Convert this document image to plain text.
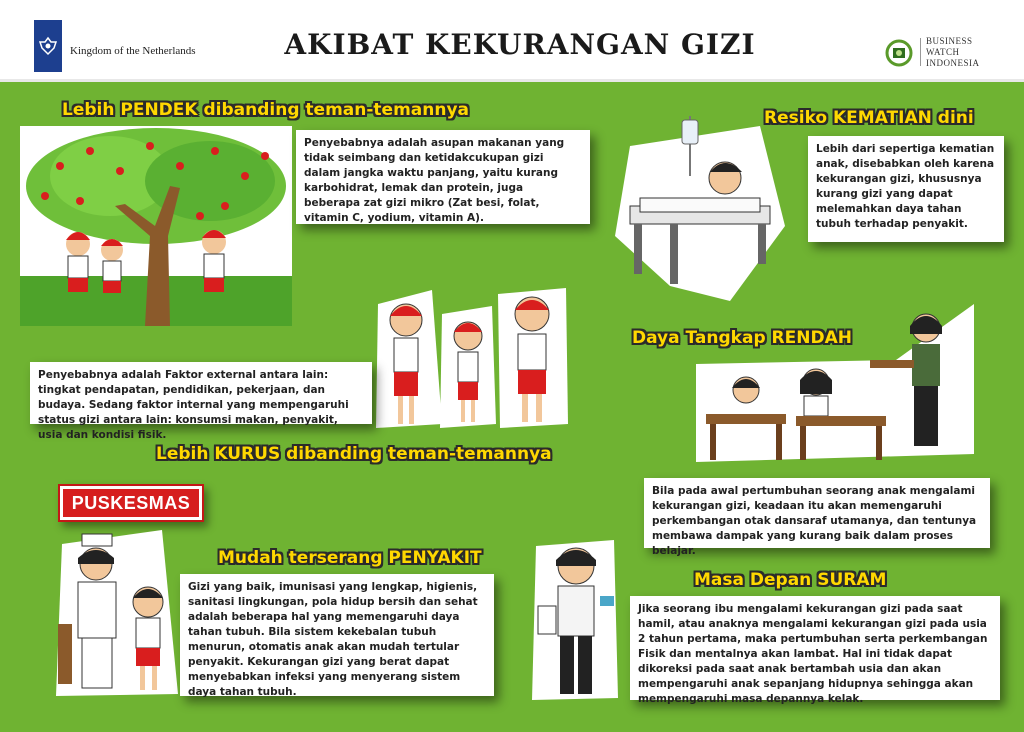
Kingdom of the Netherlands	AKIBAT KEKURANGAN GIZI	BUSINESS
WATCH
INDONESIA
Lebih PENDEK dibanding teman-temannya
Penyebabnya adalah asupan makanan yang tidak seimbang dan ketidakcukupan gizi dalam jangka waktu panjang, yaitu kurang karbohidrat, lemak dan protein, juga beberapa zat gizi mikro (Zat besi, folat, vitamin C, yodium, vitamin A).
Resiko KEMATIAN dini
Lebih dari sepertiga kematian anak, disebabkan oleh karena kekurangan gizi, khususnya kurang gizi yang dapat melemahkan daya tahan tubuh terhadap penyakit.
Penyebabnya adalah Faktor external antara lain: tingkat pendapatan, pendidikan, pekerjaan, dan budaya. Sedang faktor internal yang mempengaruhi status gizi antara lain: konsumsi makan, penyakit, usia dan kondisi fisik.
Lebih KURUS dibanding teman-temannya
Daya Tangkap RENDAH
Bila pada awal pertumbuhan seorang anak mengalami kekurangan gizi, keadaan itu akan memengaruhi perkembangan otak dansaraf utamanya, dan tentunya membawa dampak yang kurang baik dalam proses belajar.
PUSKESMAS
Mudah terserang PENYAKIT
Gizi yang baik, imunisasi yang lengkap, higienis, sanitasi lingkungan, pola hidup bersih dan sehat adalah beberapa hal yang memengaruhi daya tahan tubuh. Bila sistem kekebalan tubuh menurun, otomatis anak akan mudah tertular penyakit. Kekurangan gizi yang berat dapat menyebabkan infeksi yang menyerang sistem daya tahan tubuh.
Masa Depan SURAM
Jika seorang ibu mengalami kekurangan gizi pada saat hamil, atau anaknya mengalami kekurangan gizi pada usia 2 tahun pertama, maka pertumbuhan serta perkembangan Fisik dan mentalnya akan lambat. Hal ini tidak dapat dikoreksi pada saat anak bertambah usia dan akan mempengaruhi anak sepanjang hidupnya sehingga akan mempengaruhi masa depannya kelak.
